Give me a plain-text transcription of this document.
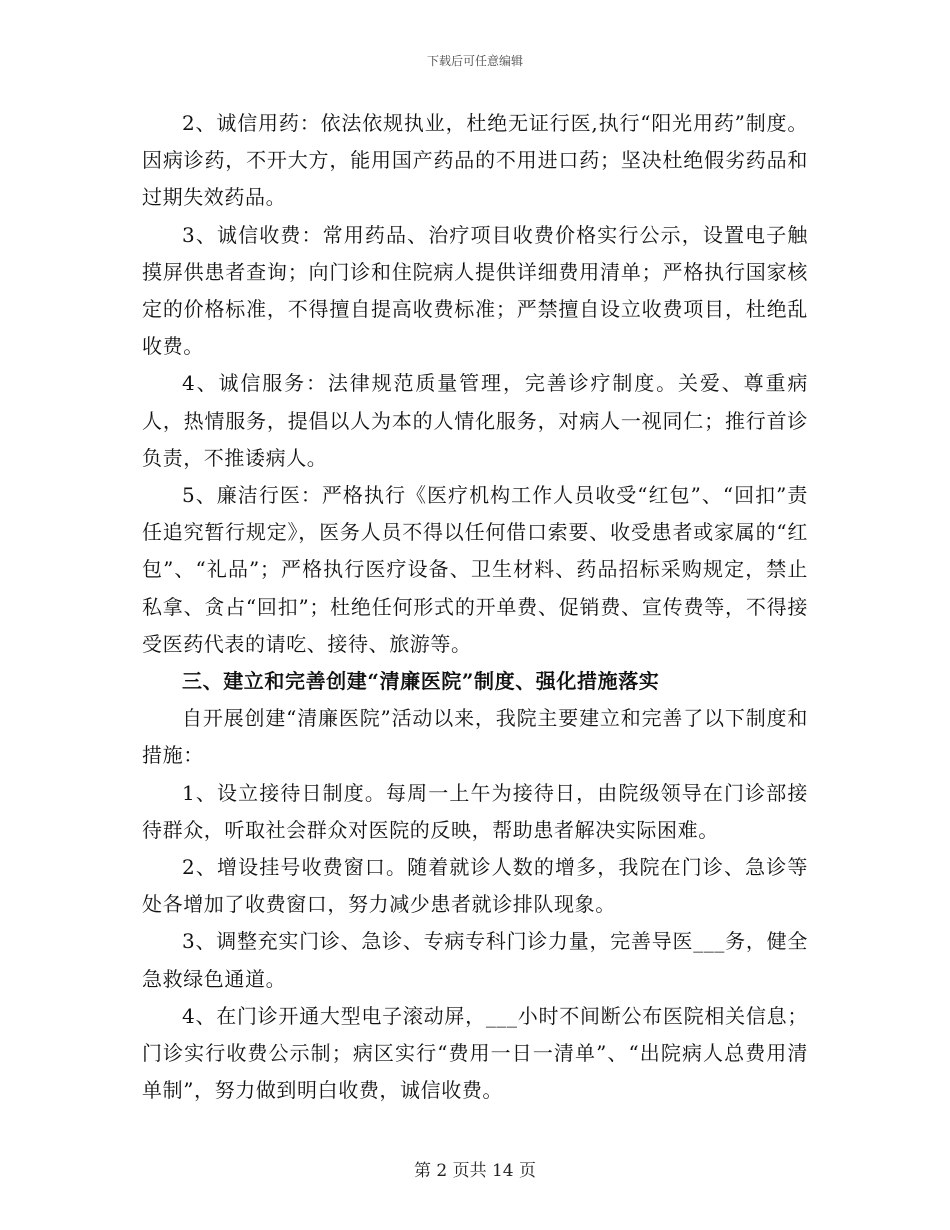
下载后可任意编辑

2、诚信用药：依法依规执业，杜绝无证行医,执行“阳光用药”制度。因病诊药，不开大方，能用国产药品的不用进口药；坚决杜绝假劣药品和过期失效药品。

3、诚信收费：常用药品、治疗项目收费价格实行公示，设置电子触摸屏供患者查询；向门诊和住院病人提供详细费用清单；严格执行国家核定的价格标准，不得擅自提高收费标准；严禁擅自设立收费项目，杜绝乱收费。

4、诚信服务：法律规范质量管理，完善诊疗制度。关爱、尊重病人，热情服务，提倡以人为本的人情化服务，对病人一视同仁；推行首诊负责，不推诿病人。

5、廉洁行医：严格执行《医疗机构工作人员收受“红包”、“回扣”责任追究暂行规定》，医务人员不得以任何借口索要、收受患者或家属的“红包”、“礼品”；严格执行医疗设备、卫生材料、药品招标采购规定，禁止私拿、贪占“回扣”；杜绝任何形式的开单费、促销费、宣传费等，不得接受医药代表的请吃、接待、旅游等。

三、建立和完善创建“清廉医院”制度、强化措施落实

自开展创建“清廉医院”活动以来，我院主要建立和完善了以下制度和措施：

1、设立接待日制度。每周一上午为接待日，由院级领导在门诊部接待群众，听取社会群众对医院的反映，帮助患者解决实际困难。

2、增设挂号收费窗口。随着就诊人数的增多，我院在门诊、急诊等处各增加了收费窗口，努力减少患者就诊排队现象。

3、调整充实门诊、急诊、专病专科门诊力量，完善导医___务，健全急救绿色通道。

4、在门诊开通大型电子滚动屏，___小时不间断公布医院相关信息；门诊实行收费公示制；病区实行“费用一日一清单”、“出院病人总费用清单制”，努力做到明白收费，诚信收费。

第 2 页共 14 页
